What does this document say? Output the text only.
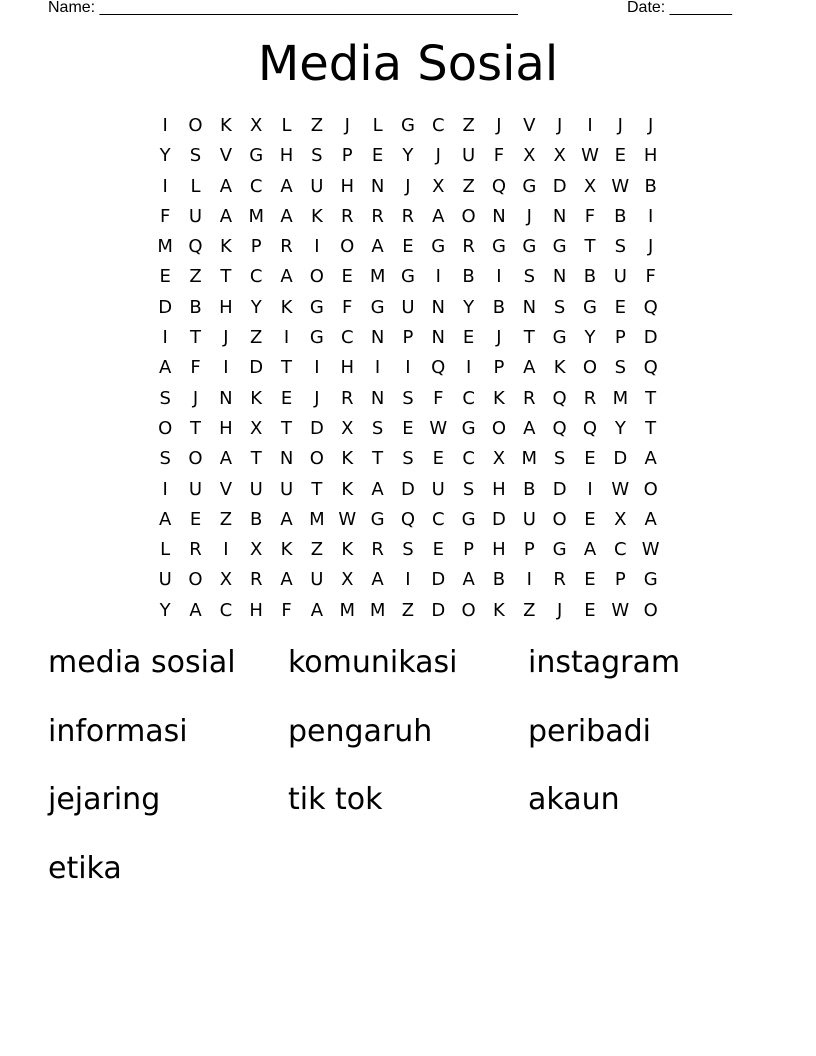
Name: _______________________________________________	Date: _______
Media Sosial
I	O K	X	L	Z	J	L	G C Z	J	V	J	I	J	J
Y	S	V G H S	P	E	Y	J	U	F	X	X W E H
I	L	A C A U H N	J	X	Z Q G D X W B
F	U A M A	K	R R R A O N	J	N	F	B	I
M Q K	P	R	I	O A	E G R G G G T	S	J
E	Z	T	C A O E M G	I	B	I	S N B U	F
D B H	Y	K G	F	G U N	Y	B N S G E Q
I	T	J	Z	I	G C N	P	N E	J	T G Y	P D
A	F	I	D T	I	H	I	I	Q	I	P	A	K O S Q
S	J	N K	E	J	R N S	F	C	K	R Q R M T
O T	H X	T D X	S	E W G O A Q Q Y	T
S O A	T	N O K	T	S	E	C X M S	E D A
I	U V U U	T	K	A D U	S H B D	I	W O
A	E	Z B	A M W G Q C G D U O E	X	A
L	R	I	X	K	Z	K	R	S	E	P	H	P G A C W
U O X R A U X	A	I	D A	B	I	R	E	P G
Y	A C H	F	A M M Z D O K	Z	J	E W O
media sosial	komunikasi	instagram
informasi	pengaruh	peribadi
jejaring	tik tok	akaun
etika
